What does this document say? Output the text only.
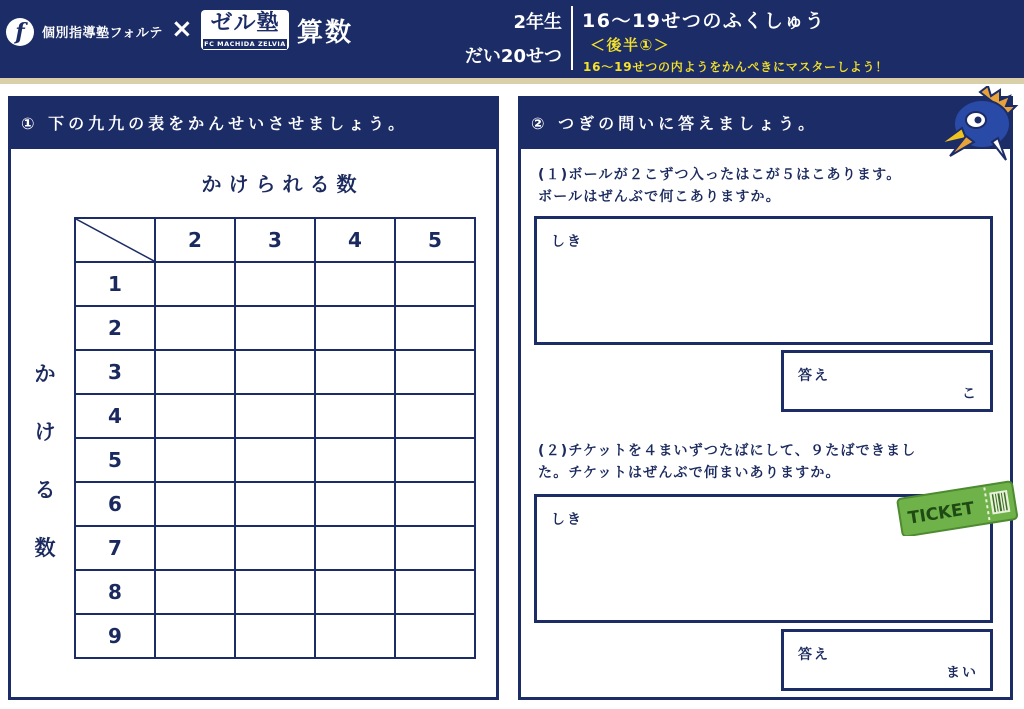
f	個別指導塾フォルテ × ゼル塾
FC MACHIDA ZELVIA 算数	2年生
だい20せつ
16〜19せつのふくしゅう
＜後半①＞
16〜19せつの内ようをかんぺきにマスターしよう！
① 下の九九の表をかんせいさせましょう。
かけられる数
か
け
る
数
	2	3	4	5
1				
2				
3				
4				
5				
6				
7				
8				
9				
② つぎの問いに答えましょう。
(１)ボールが２こずつ入ったはこが５はこあります。
ボールはぜんぶで何こありますか。
しき
答え
こ
(２)チケットを４まいずつたばにして、９たばできまし
た。チケットはぜんぶで何まいありますか。
しき
答え
まい
TICKET
